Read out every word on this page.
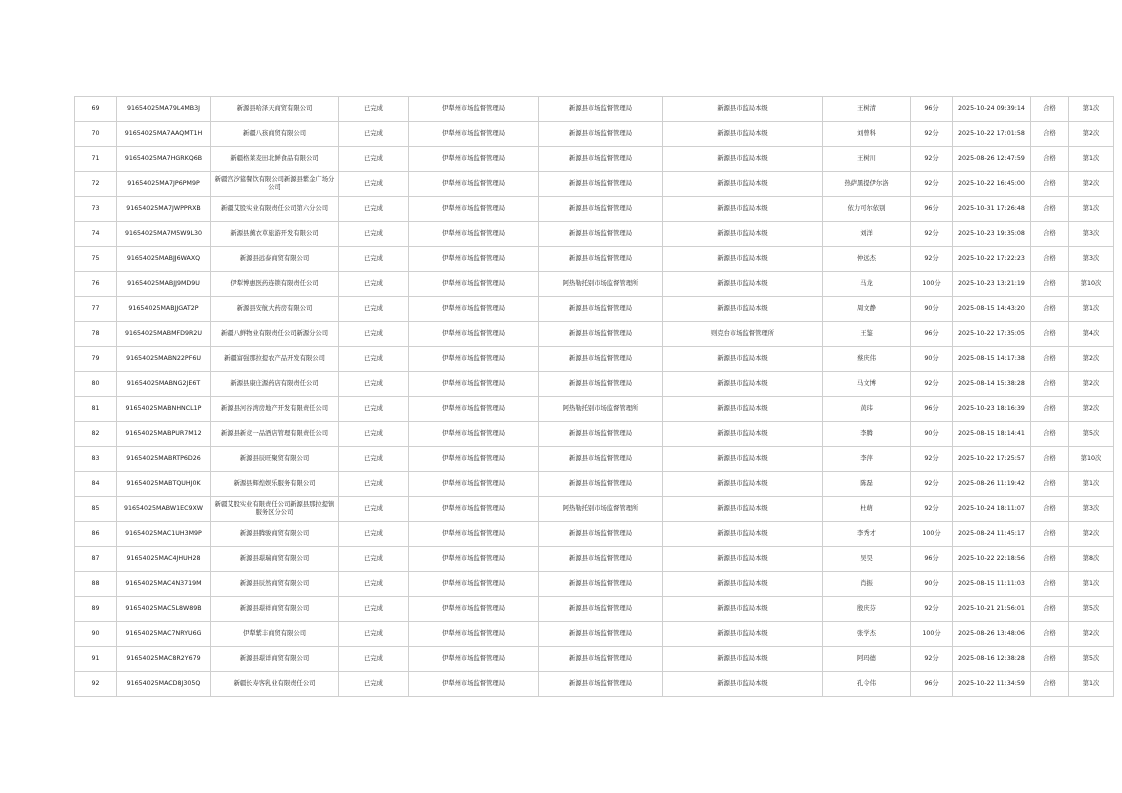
69	91654025MA79L4MB3J	新源县哈泽天商贸有限公司	已完成	伊犁州市场监督管理局	新源县市场监督管理局	新源县市监局本级	王树清	96分	2025-10-24 09:39:14	合格	第1次
70	91654025MA7AAQMT1H	新疆八孩商贸有限公司	已完成	伊犁州市场监督管理局	新源县市场监督管理局	新源县市监局本级	刘曾科	92分	2025-10-22 17:01:58	合格	第2次
71	91654025MA7HGRKQ6B	新疆格莱麦田北鲜食品有限公司	已完成	伊犁州市场监督管理局	新源县市场监督管理局	新源县市监局本级	王树川	92分	2025-08-26 12:47:59	合格	第1次
72	91654025MA7JP6PM9P	新疆宫汐筵餐饮有限公司新源县紫金广场分公司	已完成	伊犁州市场监督管理局	新源县市场监督管理局	新源县市监局本级	热萨黑提伊尔洛	92分	2025-10-22 16:45:00	合格	第2次
73	91654025MA7JWPPRXB	新疆艾股实业有限责任公司第六分公司	已完成	伊犁州市场监督管理局	新源县市场监督管理局	新源县市监局本级	依力可尔依别	96分	2025-10-31 17:26:48	合格	第1次
74	91654025MA7M5W9L30	新源县薰衣草旅游开发有限公司	已完成	伊犁州市场监督管理局	新源县市场监督管理局	新源县市监局本级	刘洋	92分	2025-10-23 19:35:08	合格	第3次
75	91654025MABJJ6WAXQ	新源县远泰商贸有限公司	已完成	伊犁州市场监督管理局	新源县市场监督管理局	新源县市监局本级	仲远杰	92分	2025-10-22 17:22:23	合格	第3次
76	91654025MABJJ9MD9U	伊犁博惠医药连锁有限责任公司	已完成	伊犁州市场监督管理局	阿热勒托别市场监督管理所	新源县市监局本级	马龙	100分	2025-10-23 13:21:19	合格	第10次
77	91654025MABJJGAT2P	新源县安航大药房有限公司	已完成	伊犁州市场监督管理局	新源县市场监督管理局	新源县市监局本级	周文静	90分	2025-08-15 14:43:20	合格	第1次
78	91654025MABMFD9R2U	新疆八鲜物业有限责任公司新源分公司	已完成	伊犁州市场监督管理局	新源县市场监督管理局	则克台市场监督管理所	王鉴	96分	2025-10-22 17:35:05	合格	第4次
79	91654025MABN22PF6U	新疆富强那拉提农产品开发有限公司	已完成	伊犁州市场监督管理局	新源县市场监督管理局	新源县市监局本级	蔡庆伟	90分	2025-08-15 14:17:38	合格	第2次
80	91654025MABNG2JE6T	新源县康庄源药店有限责任公司	已完成	伊犁州市场监督管理局	新源县市场监督管理局	新源县市监局本级	马文博	92分	2025-08-14 15:38:28	合格	第2次
81	91654025MABNHNCL1P	新源县河谷湾房地产开发有限责任公司	已完成	伊犁州市场监督管理局	阿热勒托别市场监督管理所	新源县市监局本级	黄玮	96分	2025-10-23 18:16:39	合格	第2次
82	91654025MABPUR7M12	新源县新竞一品酒店管理有限责任公司	已完成	伊犁州市场监督管理局	新源县市场监督管理局	新源县市监局本级	李腾	90分	2025-08-15 18:14:41	合格	第5次
83	91654025MABRTP6D26	新源县辰旺聚贸有限公司	已完成	伊犁州市场监督管理局	新源县市场监督管理局	新源县市监局本级	李萍	92分	2025-10-22 17:25:57	合格	第10次
84	91654025MABTQUHJ0K	新源县辉煌娱乐服务有限公司	已完成	伊犁州市场监督管理局	新源县市场监督管理局	新源县市监局本级	陈磊	92分	2025-08-26 11:19:42	合格	第1次
85	91654025MABW1EC9XW	新疆艾股实业有限责任公司新源县那拉提镇服务区分公司	已完成	伊犁州市场监督管理局	阿热勒托别市场监督管理所	新源县市监局本级	杜萌	92分	2025-10-24 18:11:07	合格	第3次
86	91654025MAC1UH3M9P	新源县腾骏商贸有限公司	已完成	伊犁州市场监督管理局	新源县市场监督管理局	新源县市监局本级	李秀才	100分	2025-08-24 11:45:17	合格	第2次
87	91654025MAC4JHUH28	新源县璟瑞商贸有限公司	已完成	伊犁州市场监督管理局	新源县市场监督管理局	新源县市监局本级	吴昊	96分	2025-10-22 22:18:56	合格	第8次
88	91654025MAC4N3719M	新源县辰然商贸有限公司	已完成	伊犁州市场监督管理局	新源县市场监督管理局	新源县市监局本级	肖振	90分	2025-08-15 11:11:03	合格	第1次
89	91654025MAC5L8W89B	新源县璟祥商贸有限公司	已完成	伊犁州市场监督管理局	新源县市场监督管理局	新源县市监局本级	殷庆芬	92分	2025-10-21 21:56:01	合格	第5次
90	91654025MAC7NRYU6G	伊犁紫丰商贸有限公司	已完成	伊犁州市场监督管理局	新源县市场监督管理局	新源县市监局本级	张学杰	100分	2025-08-26 13:48:06	合格	第2次
91	91654025MAC8R2Y679	新源县璟详商贸有限公司	已完成	伊犁州市场监督管理局	新源县市场监督管理局	新源县市监局本级	阿玛德	92分	2025-08-16 12:38:28	合格	第5次
92	91654025MACD8J305Q	新疆长寿客乳业有限责任公司	已完成	伊犁州市场监督管理局	新源县市场监督管理局	新源县市监局本级	孔令伟	96分	2025-10-22 11:34:59	合格	第1次
